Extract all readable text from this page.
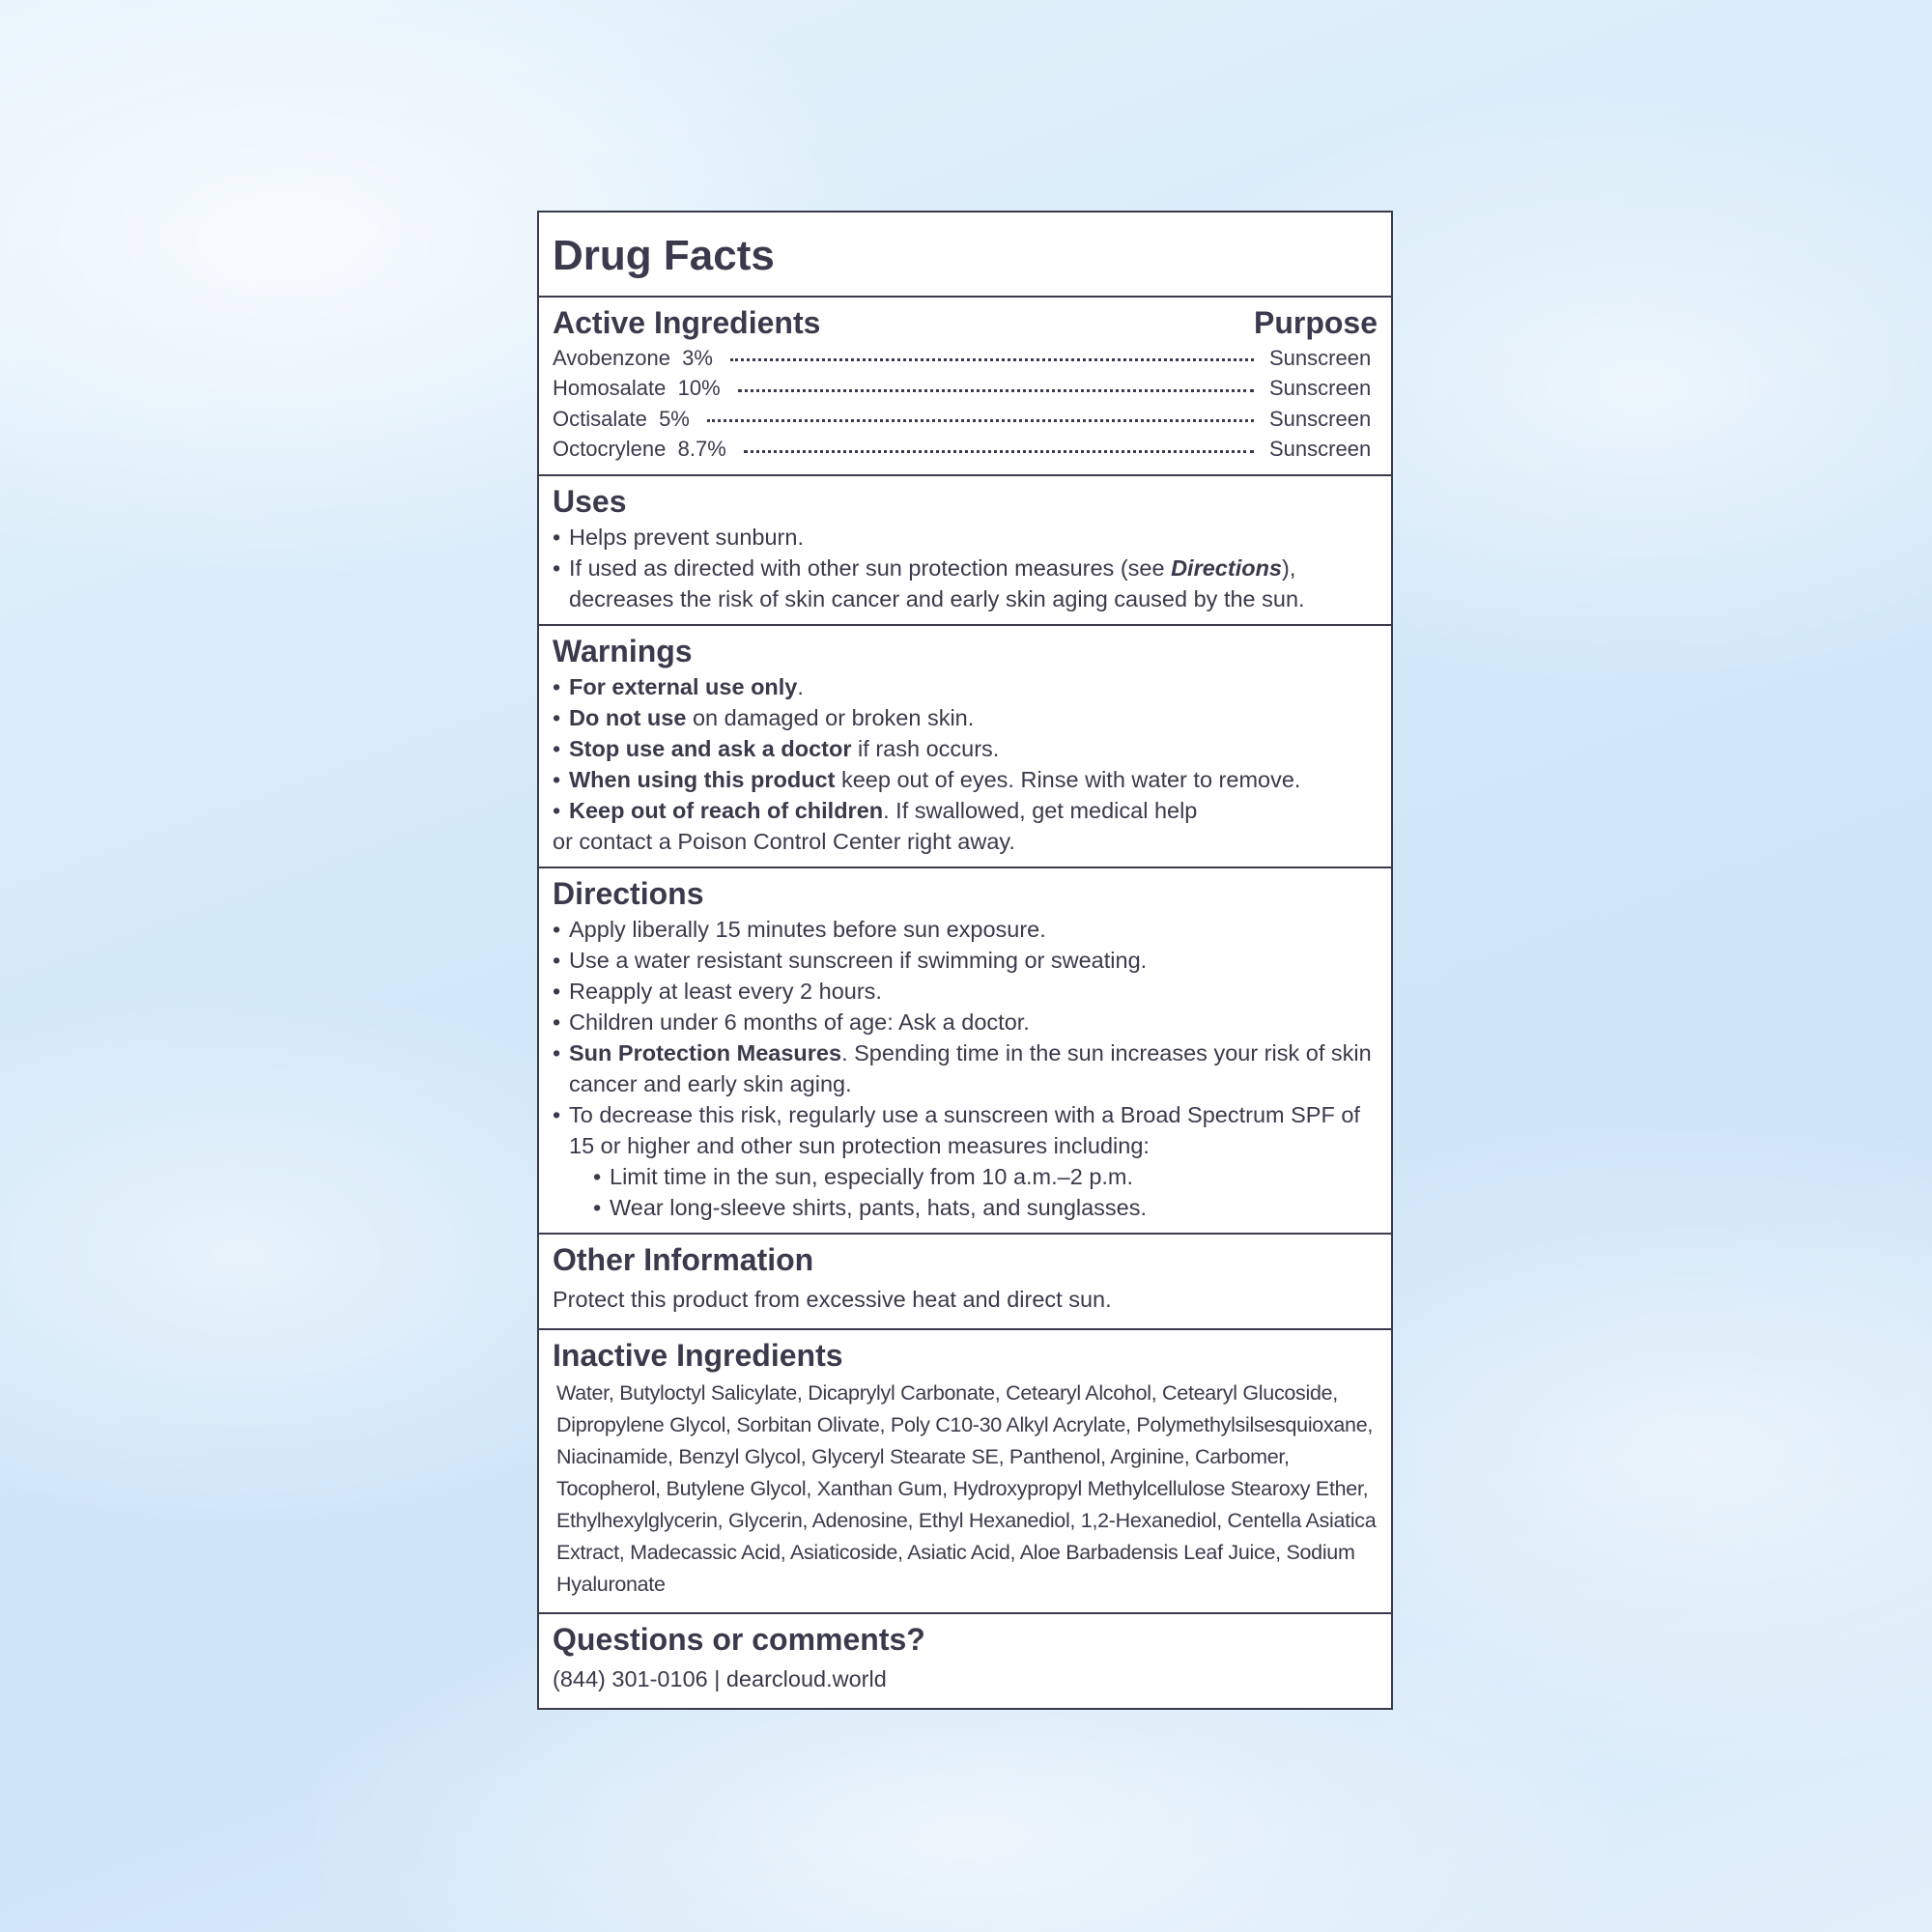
Drug Facts
Active Ingredients	Purpose
Avobenzone 3%	Sunscreen
Homosalate 10%	Sunscreen
Octisalate 5%	Sunscreen
Octocrylene 8.7%	Sunscreen
Uses
• Helps prevent sunburn.
• If used as directed with other sun protection measures (see Directions), decreases the risk of skin cancer and early skin aging caused by the sun.
Warnings
• For external use only.
• Do not use on damaged or broken skin.
• Stop use and ask a doctor if rash occurs.
• When using this product keep out of eyes. Rinse with water to remove.
• Keep out of reach of children. If swallowed, get medical help
or contact a Poison Control Center right away.
Directions
• Apply liberally 15 minutes before sun exposure.
• Use a water resistant sunscreen if swimming or sweating.
• Reapply at least every 2 hours.
• Children under 6 months of age: Ask a doctor.
• Sun Protection Measures. Spending time in the sun increases your risk of skin cancer and early skin aging.
• To decrease this risk, regularly use a sunscreen with a Broad Spectrum SPF of 15 or higher and other sun protection measures including:
• Limit time in the sun, especially from 10 a.m.–2 p.m.
• Wear long-sleeve shirts, pants, hats, and sunglasses.
Other Information
Protect this product from excessive heat and direct sun.
Inactive Ingredients
Water, Butyloctyl Salicylate, Dicaprylyl Carbonate, Cetearyl Alcohol, Cetearyl Glucoside, Dipropylene Glycol, Sorbitan Olivate, Poly C10-30 Alkyl Acrylate, Polymethylsilsesquioxane, Niacinamide, Benzyl Glycol, Glyceryl Stearate SE, Panthenol, Arginine, Carbomer, Tocopherol, Butylene Glycol, Xanthan Gum, Hydroxypropyl Methylcellulose Stearoxy Ether, Ethylhexylglycerin, Glycerin, Adenosine, Ethyl Hexanediol, 1,2-Hexanediol, Centella Asiatica Extract, Madecassic Acid, Asiaticoside, Asiatic Acid, Aloe Barbadensis Leaf Juice, Sodium Hyaluronate
Questions or comments?
(844) 301-0106 | dearcloud.world
